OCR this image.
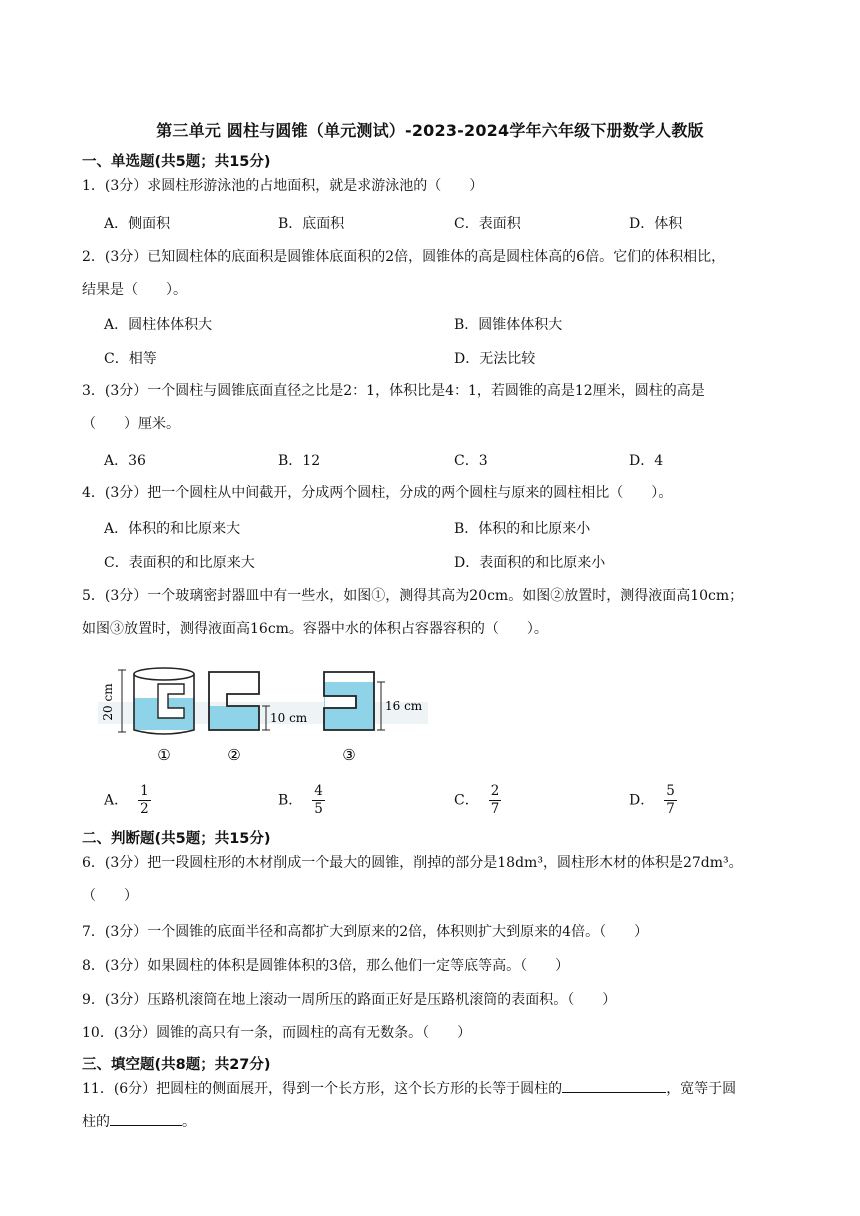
第三单元 圆柱与圆锥（单元测试）-2023-2024学年六年级下册数学人教版
一、单选题(共5题；共15分)
1．(3分）求圆柱形游泳池的占地面积，就是求游泳池的（　　）
A．侧面积	B．底面积	C．表面积	D．体积
2．(3分）已知圆柱体的底面积是圆锥体底面积的2倍，圆锥体的高是圆柱体高的6倍。它们的体积相比，
结果是（　　）。
A．圆柱体体积大	B．圆锥体体积大
C．相等	D．无法比较
3．(3分）一个圆柱与圆锥底面直径之比是2：1，体积比是4：1，若圆锥的高是12厘米，圆柱的高是
（　　）厘米。
A．36	B．12	C．3	D．4
4．(3分）把一个圆柱从中间截开，分成两个圆柱，分成的两个圆柱与原来的圆柱相比（　　）。
A．体积的和比原来大	B．体积的和比原来小
C．表面积的和比原来大	D．表面积的和比原来小
5．(3分）一个玻璃密封器皿中有一些水，如图①，测得其高为20cm。如图②放置时，测得液面高10cm；
如图③放置时，测得液面高16cm。容器中水的体积占容器容积的（　　）。
20 cm
①
10 cm
②
16 cm
③
A． $\frac{1}{2}$	B． $\frac{4}{5}$	C． $\frac{2}{7}$	D． $\frac{5}{7}$
二、判断题(共5题；共15分)
6．(3分）把一段圆柱形的木材削成一个最大的圆锥，削掉的部分是18dm³，圆柱形木材的体积是27dm³。
（　　）
7．(3分）一个圆锥的底面半径和高都扩大到原来的2倍，体积则扩大到原来的4倍。（　　）
8．(3分）如果圆柱的体积是圆锥体积的3倍，那么他们一定等底等高。（　　）
9．(3分）压路机滚筒在地上滚动一周所压的路面正好是压路机滚筒的表面积。（　　）
10．(3分）圆锥的高只有一条，而圆柱的高有无数条。（　　）
三、填空题(共8题；共27分)
11．(6分）把圆柱的侧面展开，得到一个长方形，这个长方形的长等于圆柱的	，宽等于圆
柱的	。
